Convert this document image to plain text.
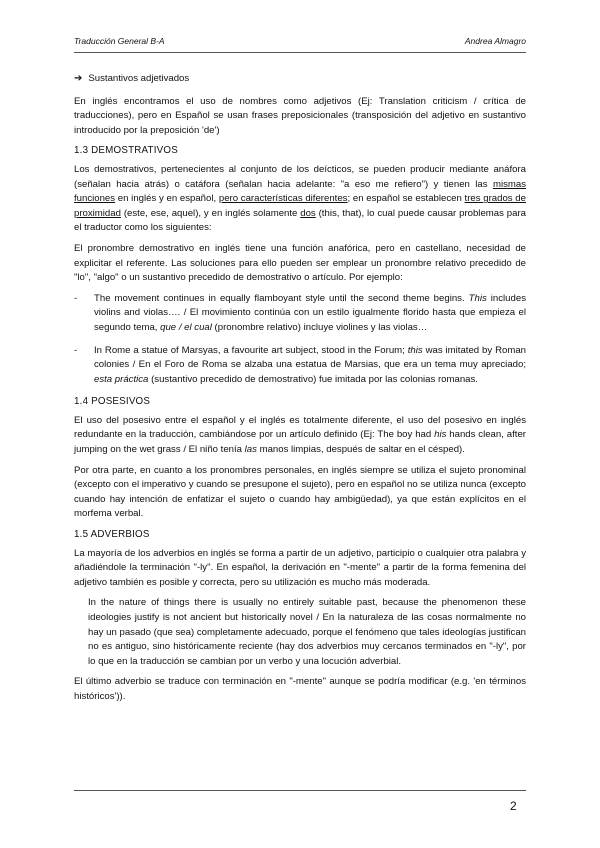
Traducción General B-A	Andrea Almagro
➔ Sustantivos adjetivados

En inglés encontramos el uso de nombres como adjetivos (Ej: Translation criticism / crítica de traducciones), pero en Español se usan frases preposicionales (transposición del adjetivo en sustantivo introducido por la preposición 'de')

1.3 DEMOSTRATIVOS

Los demostrativos, pertenecientes al conjunto de los deícticos, se pueden producir mediante anáfora (señalan hacia atrás) o catáfora (señalan hacia adelante: "a eso me refiero") y tienen las mismas funciones en inglés y en español, pero características diferentes; en español se establecen tres grados de proximidad (este, ese, aquel), y en inglés solamente dos (this, that), lo cual puede causar problemas para el traductor como los siguientes:

El pronombre demostrativo en inglés tiene una función anafórica, pero en castellano, necesidad de explicitar el referente. Las soluciones para ello pueden ser emplear un pronombre relativo precedido de "lo", "algo" o un sustantivo precedido de demostrativo o artículo. Por ejemplo:

-	The movement continues in equally flamboyant style until the second theme begins. This includes violins and violas…. / El movimiento continúa con un estilo igualmente florido hasta que empieza el segundo tema, que / el cual (pronombre relativo) incluye violines y las violas…
-	In Rome a statue of Marsyas, a favourite art subject, stood in the Forum; this was imitated by Roman colonies / En el Foro de Roma se alzaba una estatua de Marsias, que era un tema muy apreciado; esta práctica (sustantivo precedido de demostrativo) fue imitada por las colonias romanas.
1.4 POSESIVOS

El uso del posesivo entre el español y el inglés es totalmente diferente, el uso del posesivo en inglés redundante en la traducción, cambiándose por un artículo definido (Ej: The boy had his hands clean, after jumping on the wet grass / El niño tenía las manos limpias, después de saltar en el césped).

Por otra parte, en cuanto a los pronombres personales, en inglés siempre se utiliza el sujeto pronominal (excepto con el imperativo y cuando se presupone el sujeto), pero en español no se utiliza nunca (excepto cuando hay intención de enfatizar el sujeto o cuando hay ambigüedad), ya que están explícitos en el morfema verbal.

1.5 ADVERBIOS

La mayoría de los adverbios en inglés se forma a partir de un adjetivo, participio o cualquier otra palabra y añadiéndole la terminación "-ly". En español, la derivación en "-mente" a partir de la forma femenina del adjetivo también es posible y correcta, pero su utilización es mucho más moderada.

In the nature of things there is usually no entirely suitable past, because the phenomenon these ideologies justify is not ancient but historically novel / En la naturaleza de las cosas normalmente no hay un pasado (que sea) completamente adecuado, porque el fenómeno que tales ideologías justifican no es antiguo, sino históricamente reciente (hay dos adverbios muy cercanos terminados en "-ly", por lo que en la traducción se cambian por un verbo y una locución adverbial.

El último adverbio se traduce con terminación en "-mente" aunque se podría modificar (e.g. 'en términos históricos')).

2
